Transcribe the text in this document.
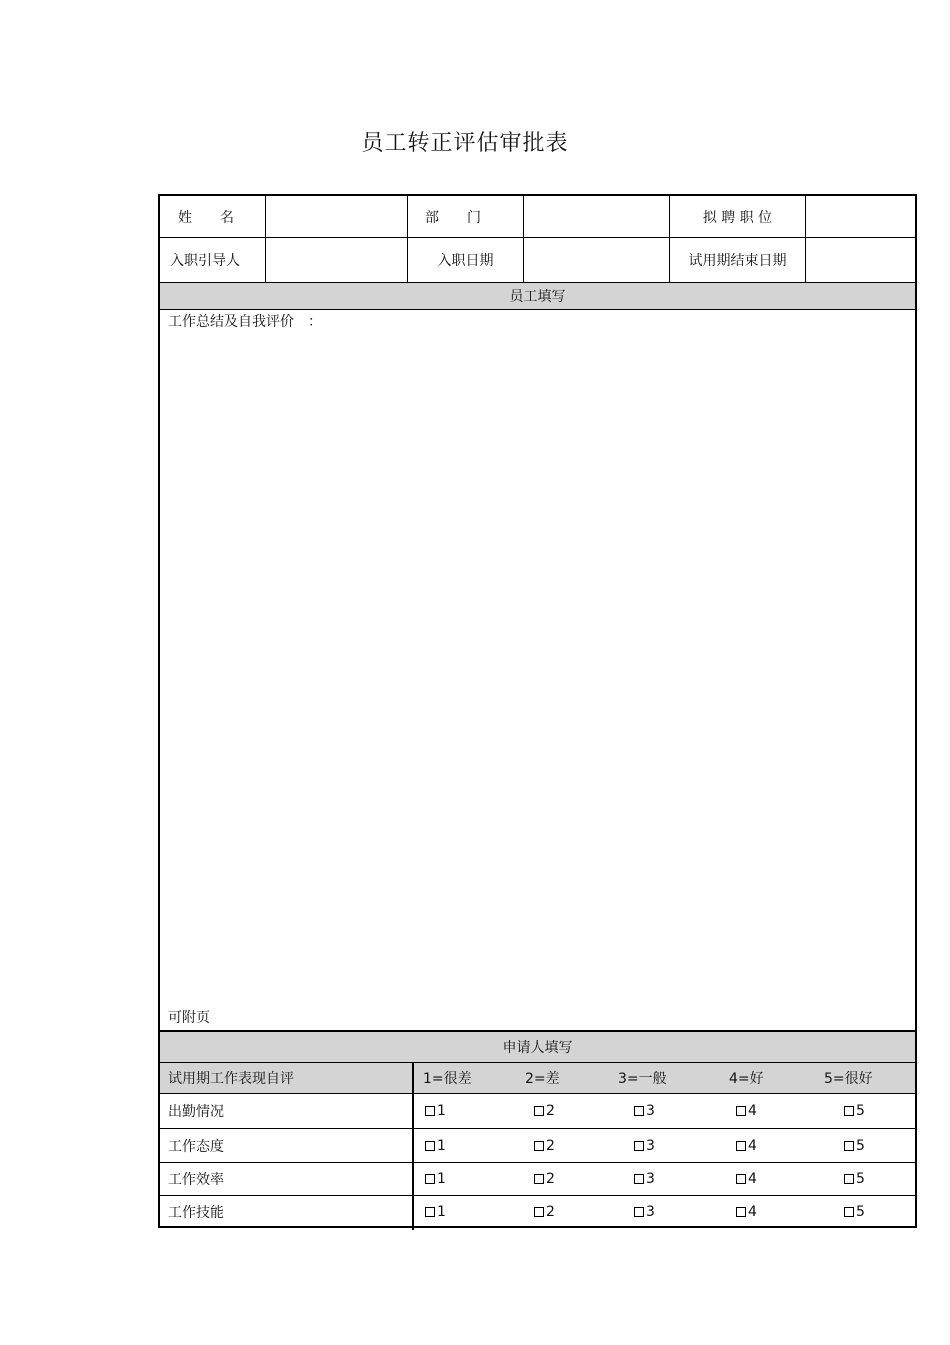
员工转正评估审批表
姓　　名	部　　门	拟 聘 职 位
入职引导人	入职日期	试用期结束日期
员工填写
工作总结及自我评价　：
可附页
申请人填写
试用期工作表现自评	1=很差	2=差	3=一般	4=好	5=很好
出勤情况	1	2	3	4	5
工作态度	1	2	3	4	5
工作效率	1	2	3	4	5
工作技能	1	2	3	4	5
